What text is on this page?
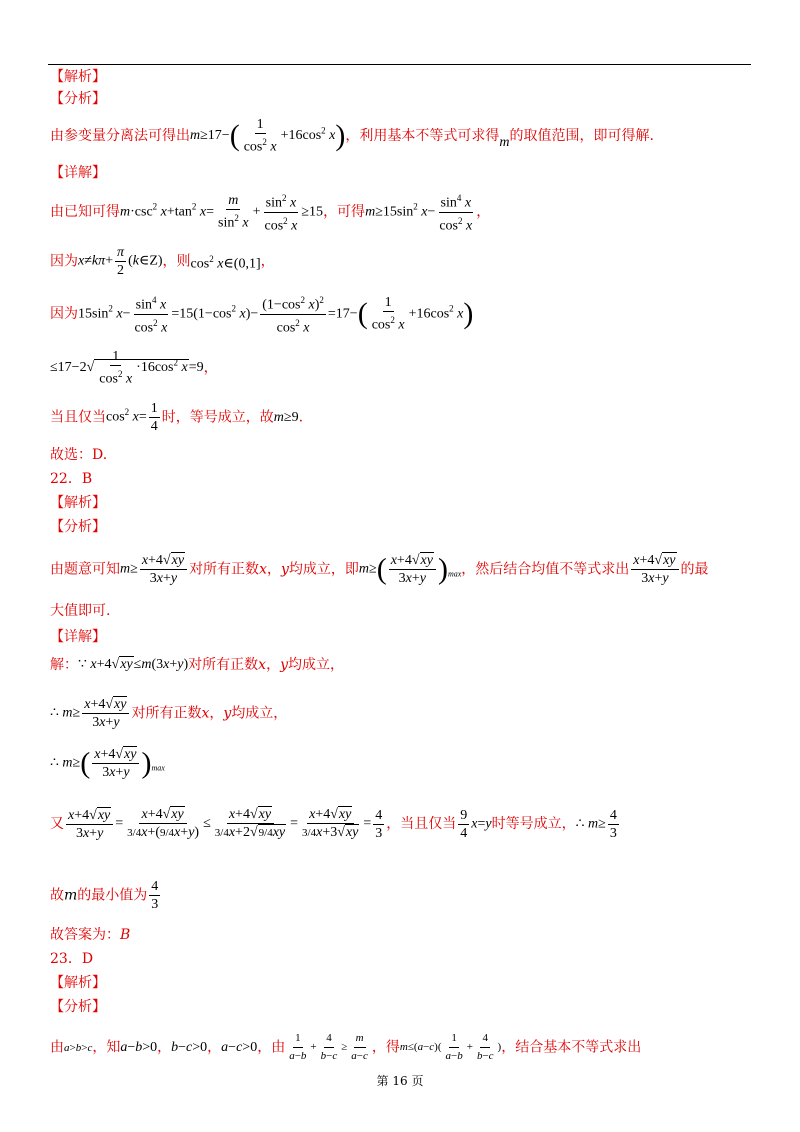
【解析】
【分析】
由参变量分离法可得出$m\ge 17-( \frac{1}{\cos^2 x} +16\cos^2$ x)，利用基本不等式可求得m的取值范围，即可得解.
【详解】
由已知可得$m\cdot\csc^2$ $x+\tan^2$ $x= \frac{m}{\sin^2 x} + \frac{\sin^2 x}{\cos^2 x} \ge 15$，可得$m\ge 15\sin^2$ $x- \frac{\sin^4 x}{\cos^2 x}$ ，
因为$x\ne k\pi+ \frac{\pi}{2}$ (k∈Z)，则$\cos^2$ x∈(0,1]，
因为$15\sin^2$ $x- \frac{\sin^4 x}{\cos^2 x} =15(1-\cos^2$ $x)- \frac{(1-\cos^2 x)^2}{\cos^2 x} =17-( \frac{1}{\cos^2 x} +16\cos^2$ x)
$\le 17-2√ \frac{1}{\cos^2 x} \cdot 16\cos^2$ x=9，
当且仅当$\cos^2 x= \frac{1}{4}$ 时，等号成立，故m≥9.
故选：D.
22．B
【解析】
【分析】
由题意可知$m\ge \frac{x+4√xy}{3x+y}$ 对所有正数x，y均成立，即$m\ge( \frac{x+4√xy}{3x+y} )_{max}$，然后结合均值不等式求出 $\frac{x+4√xy}{3x+y}$ 的最
大值即可.
【详解】
解：∵ x+4√xy≤m(3x+y)对所有正数x，y均成立，
∴ $m\ge \frac{x+4√xy}{3x+y}$ 对所有正数x，y均成立，
∴ $m\ge( \frac{x+4√xy}{3x+y} )_{max}$
又 $\frac{x+4√xy}{3x+y} = \frac{x+4√xy}{3/4x+(9/4x+y)} \le \frac{x+4√xy}{3/4x+2√9/4xy} = \frac{x+4√xy}{3/4x+3√xy} = \frac{4}{3}$ ，当且仅当 $\frac{9}{4} x=y$时等号成立，∴ $m\ge \frac{4}{3}$
故m的最小值为 $\frac{4}{3}$
故答案为：B
23．D
【解析】
【分析】
由a>b>c，知a−b>0，b−c>0，a−c>0，由 $\frac{1}{a-b} + \frac{4}{b-c} \ge \frac{m}{a-c}$ ，得$m\le(a-c)( \frac{1}{a-b} + \frac{4}{b-c}$ )，结合基本不等式求出
第 16 页
